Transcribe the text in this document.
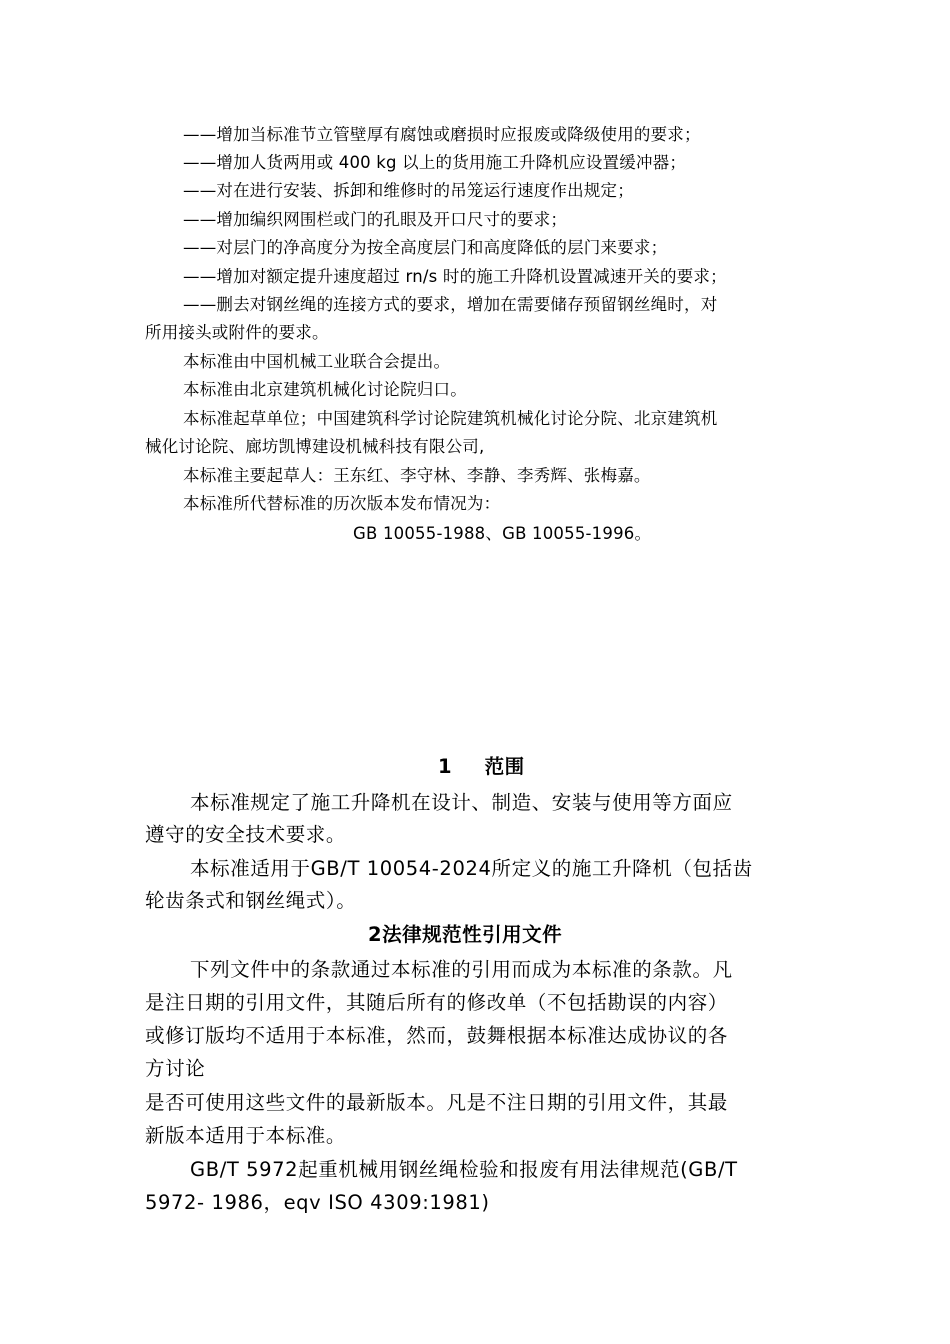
——增加当标准节立管壁厚有腐蚀或磨损时应报废或降级使用的要求；

——增加人货两用或 400 kg 以上的货用施工升降机应设置缓冲器；

——对在进行安装、拆卸和维修时的吊笼运行速度作出规定；

——增加编织网围栏或门的孔眼及开口尺寸的要求；

——对层门的净高度分为按全高度层门和高度降低的层门来要求；

——增加对额定提升速度超过 rn/s 时的施工升降机设置减速开关的要求；

——删去对钢丝绳的连接方式的要求，增加在需要储存预留钢丝绳时，对

所用接头或附件的要求。

本标准由中国机械工业联合会提出。

本标准由北京建筑机械化讨论院归口。

本标准起草单位；中国建筑科学讨论院建筑机械化讨论分院、北京建筑机

械化讨论院、廊坊凯博建设机械科技有限公司,

本标准主要起草人：王东红、李守林、李静、李秀辉、张梅嘉。

本标准所代替标准的历次版本发布情况为：

GB 10055-1988、GB 10055-1996。

1 范围

本标准规定了施工升降机在设计、制造、安装与使用等方面应

遵守的安全技术要求。

本标准适用于GB/T 10054-2024所定义的施工升降机（包括齿

轮齿条式和钢丝绳式）。

2法律规范性引用文件

下列文件中的条款通过本标准的引用而成为本标准的条款。凡

是注日期的引用文件，其随后所有的修改单（不包括勘误的内容）

或修订版均不适用于本标准，然而，鼓舞根据本标准达成协议的各

方讨论

是否可使用这些文件的最新版本。凡是不注日期的引用文件，其最

新版本适用于本标准。

GB/T 5972起重机械用钢丝绳检验和报废有用法律规范(GB/T

5972- 1986，eqv ISO 4309:1981)
